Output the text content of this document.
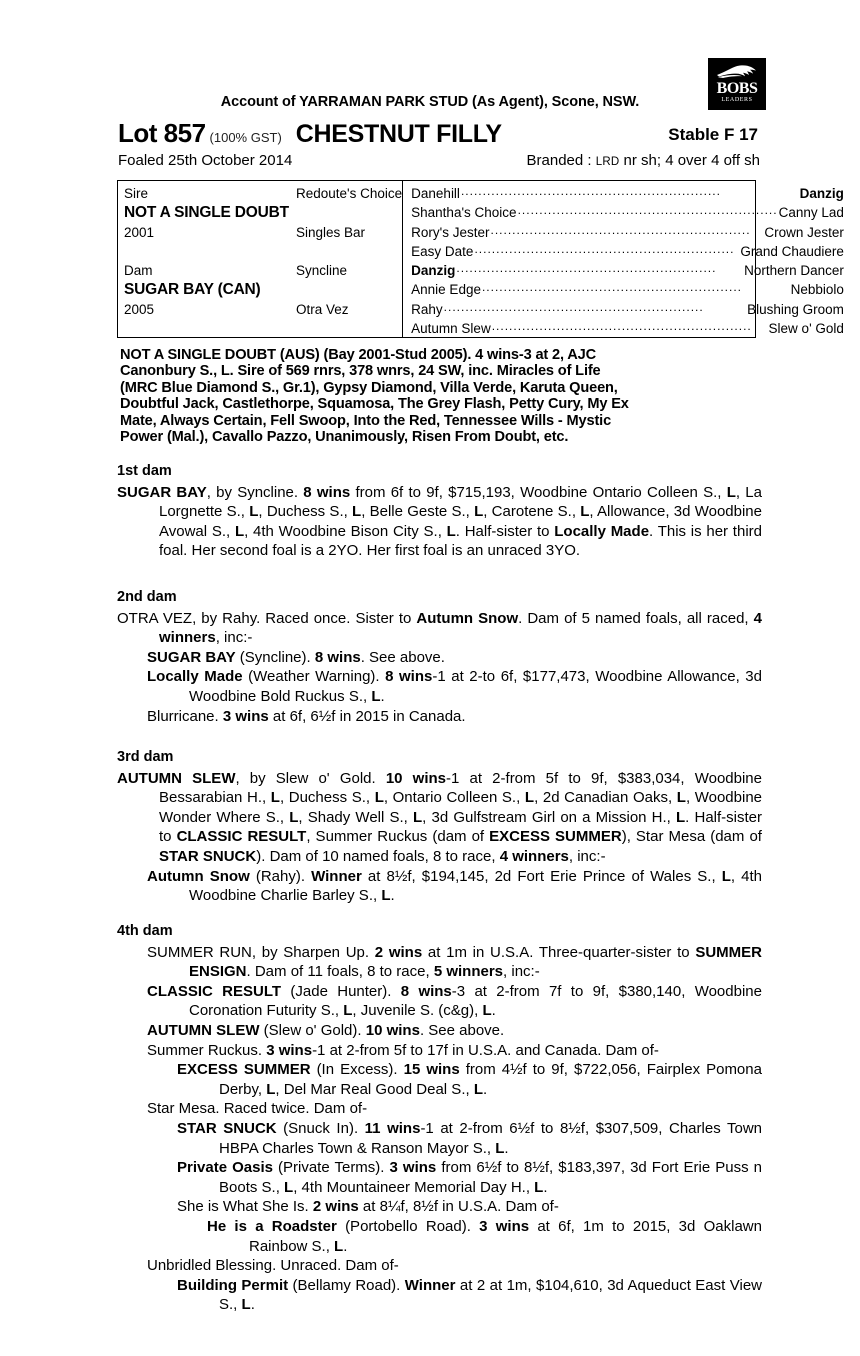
BOBS
LEADERS
Account of YARRAMAN PARK STUD (As Agent), Scone, NSW.
Stable F 17
Lot 857 (100% GST) CHESTNUT FILLY
Foaled 25th October 2014	Branded : LRD nr sh; 4 over 4 off sh
Sire	Redoute's Choice
NOT A SINGLE DOUBT
2001	Singles Bar
Dam	Syncline
SUGAR BAY (CAN)
2005	Otra Vez
Danehill ............................................................	Danzig
Shantha's Choice ............................................................ Canny Lad
Rory's Jester ............................................................	Crown Jester
Easy Date ............................................................ Grand Chaudiere
Danzig ............................................................	Northern Dancer
Annie Edge ............................................................	Nebbiolo
Rahy ............................................................	Blushing Groom
Autumn Slew ............................................................	Slew o' Gold
NOT A SINGLE DOUBT (AUS) (Bay 2001-Stud 2005). 4 wins-3 at 2, AJC
Canonbury S., L. Sire of 569 rnrs, 378 wnrs, 24 SW, inc. Miracles of Life
(MRC Blue Diamond S., Gr.1), Gypsy Diamond, Villa Verde, Karuta Queen,
Doubtful Jack, Castlethorpe, Squamosa, The Grey Flash, Petty Cury, My Ex
Mate, Always Certain, Fell Swoop, Into the Red, Tennessee Wills - Mystic
Power (Mal.), Cavallo Pazzo, Unanimously, Risen From Doubt, etc.
1st dam
SUGAR BAY, by Syncline. 8 wins from 6f to 9f, $715,193, Woodbine Ontario Colleen S., L, La Lorgnette S., L, Duchess S., L, Belle Geste S., L, Carotene S., L, Allowance, 3d Woodbine Avowal S., L, 4th Woodbine Bison City S., L. Half-sister to Locally Made. This is her third foal. Her second foal is a 2YO. Her first foal is an unraced 3YO.
2nd dam
OTRA VEZ, by Rahy. Raced once. Sister to Autumn Snow. Dam of 5 named foals, all raced, 4 winners, inc:-
SUGAR BAY (Syncline). 8 wins. See above.
Locally Made (Weather Warning). 8 wins-1 at 2-to 6f, $177,473, Woodbine Allowance, 3d Woodbine Bold Ruckus S., L.
Blurricane. 3 wins at 6f, 6½f in 2015 in Canada.
3rd dam
AUTUMN SLEW, by Slew o' Gold. 10 wins-1 at 2-from 5f to 9f, $383,034, Woodbine Bessarabian H., L, Duchess S., L, Ontario Colleen S., L, 2d Canadian Oaks, L, Woodbine Wonder Where S., L, Shady Well S., L, 3d Gulfstream Girl on a Mission H., L. Half-sister to CLASSIC RESULT, Summer Ruckus (dam of EXCESS SUMMER), Star Mesa (dam of STAR SNUCK). Dam of 10 named foals, 8 to race, 4 winners, inc:-
Autumn Snow (Rahy). Winner at 8½f, $194,145, 2d Fort Erie Prince of Wales S., L, 4th Woodbine Charlie Barley S., L.
4th dam
SUMMER RUN, by Sharpen Up. 2 wins at 1m in U.S.A. Three-quarter-sister to SUMMER ENSIGN. Dam of 11 foals, 8 to race, 5 winners, inc:-
CLASSIC RESULT (Jade Hunter). 8 wins-3 at 2-from 7f to 9f, $380,140, Woodbine Coronation Futurity S., L, Juvenile S. (c&g), L.
AUTUMN SLEW (Slew o' Gold). 10 wins. See above.
Summer Ruckus. 3 wins-1 at 2-from 5f to 17f in U.S.A. and Canada. Dam of-
EXCESS SUMMER (In Excess). 15 wins from 4½f to 9f, $722,056, Fairplex Pomona Derby, L, Del Mar Real Good Deal S., L.
Star Mesa. Raced twice. Dam of-
STAR SNUCK (Snuck In). 11 wins-1 at 2-from 6½f to 8½f, $307,509, Charles Town HBPA Charles Town & Ranson Mayor S., L.
Private Oasis (Private Terms). 3 wins from 6½f to 8½f, $183,397, 3d Fort Erie Puss n Boots S., L, 4th Mountaineer Memorial Day H., L.
She is What She Is. 2 wins at 8¼f, 8½f in U.S.A. Dam of-
He is a Roadster (Portobello Road). 3 wins at 6f, 1m to 2015, 3d Oaklawn Rainbow S., L.
Unbridled Blessing. Unraced. Dam of-
Building Permit (Bellamy Road). Winner at 2 at 1m, $104,610, 3d Aqueduct East View S., L.
